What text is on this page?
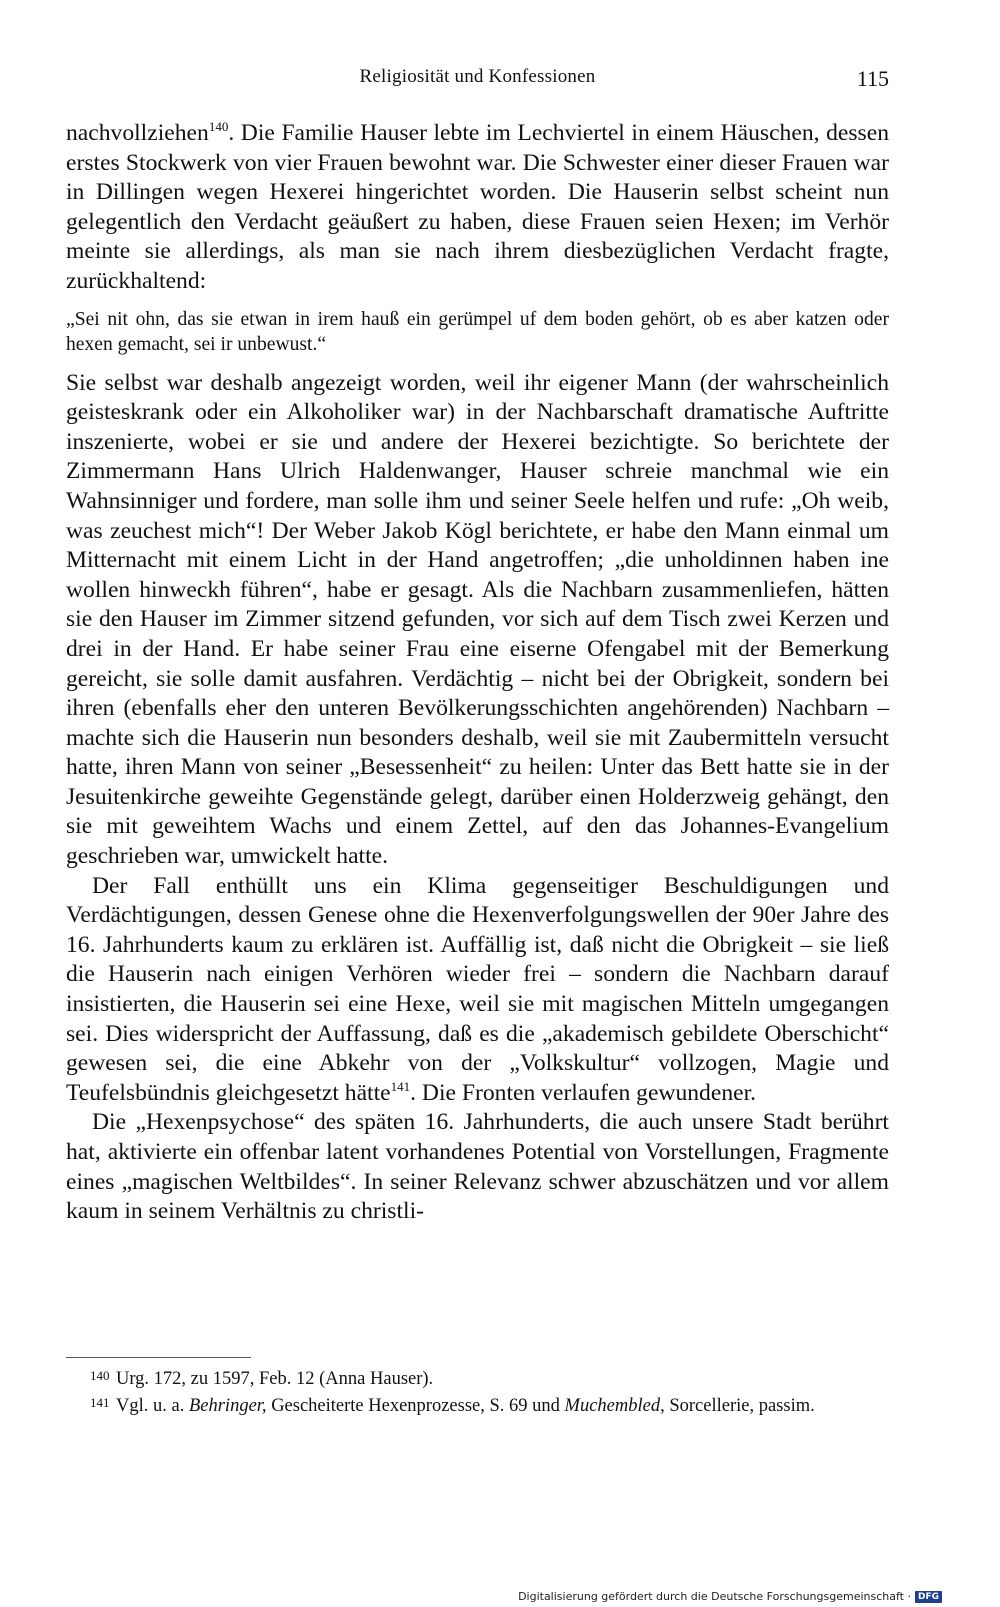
Religiosität und Konfessionen	115

nachvollziehen$^{140}$. Die Familie Hauser lebte im Lechviertel in einem Häuschen, dessen erstes Stockwerk von vier Frauen bewohnt war. Die Schwester einer dieser Frauen war in Dillingen wegen Hexerei hingerichtet worden. Die Hauserin selbst scheint nun gelegentlich den Verdacht geäußert zu haben, diese Frauen seien Hexen; im Verhör meinte sie allerdings, als man sie nach ihrem diesbezüglichen Verdacht fragte, zurückhaltend:

„Sei nit ohn, das sie etwan in irem hauß ein gerümpel uf dem boden gehört, ob es aber katzen oder hexen gemacht, sei ir unbewust.“

Sie selbst war deshalb angezeigt worden, weil ihr eigener Mann (der wahrscheinlich geisteskrank oder ein Alkoholiker war) in der Nachbarschaft dramatische Auftritte inszenierte, wobei er sie und andere der Hexerei bezichtigte. So berichtete der Zimmermann Hans Ulrich Haldenwanger, Hauser schreie manchmal wie ein Wahnsinniger und fordere, man solle ihm und seiner Seele helfen und rufe: „Oh weib, was zeuchest mich“! Der Weber Jakob Kögl berichtete, er habe den Mann einmal um Mitternacht mit einem Licht in der Hand angetroffen; „die unholdinnen haben ine wollen hinweckh führen“, habe er gesagt. Als die Nachbarn zusammenliefen, hätten sie den Hauser im Zimmer sitzend gefunden, vor sich auf dem Tisch zwei Kerzen und drei in der Hand. Er habe seiner Frau eine eiserne Ofengabel mit der Bemerkung gereicht, sie solle damit ausfahren. Verdächtig – nicht bei der Obrigkeit, sondern bei ihren (ebenfalls eher den unteren Bevölkerungsschichten angehörenden) Nachbarn – machte sich die Hauserin nun besonders deshalb, weil sie mit Zaubermitteln versucht hatte, ihren Mann von seiner „Besessenheit“ zu heilen: Unter das Bett hatte sie in der Jesuitenkirche geweihte Gegenstände gelegt, darüber einen Holderzweig gehängt, den sie mit geweihtem Wachs und einem Zettel, auf den das Johannes-Evangelium geschrieben war, umwickelt hatte.

Der Fall enthüllt uns ein Klima gegenseitiger Beschuldigungen und Verdächtigungen, dessen Genese ohne die Hexenverfolgungswellen der 90er Jahre des 16. Jahrhunderts kaum zu erklären ist. Auffällig ist, daß nicht die Obrigkeit – sie ließ die Hauserin nach einigen Verhören wieder frei – sondern die Nachbarn darauf insistierten, die Hauserin sei eine Hexe, weil sie mit magischen Mitteln umgegangen sei. Dies widerspricht der Auffassung, daß es die „akademisch gebildete Oberschicht“ gewesen sei, die eine Abkehr von der „Volkskultur“ vollzogen, Magie und Teufelsbündnis gleichgesetzt hätte$^{141}$. Die Fronten verlaufen gewundener.

Die „Hexenpsychose“ des späten 16. Jahrhunderts, die auch unsere Stadt berührt hat, aktivierte ein offenbar latent vorhandenes Potential von Vorstellungen, Fragmente eines „magischen Weltbildes“. In seiner Relevanz schwer abzuschätzen und vor allem kaum in seinem Verhältnis zu christli-

140 Urg. 172, zu 1597, Feb. 12 (Anna Hauser).

141 Vgl. u. a. Behringer, Gescheiterte Hexenprozesse, S. 69 und Muchembled, Sorcellerie, passim.

Digitalisierung gefördert durch die Deutsche Forschungsgemeinschaft · DFG
